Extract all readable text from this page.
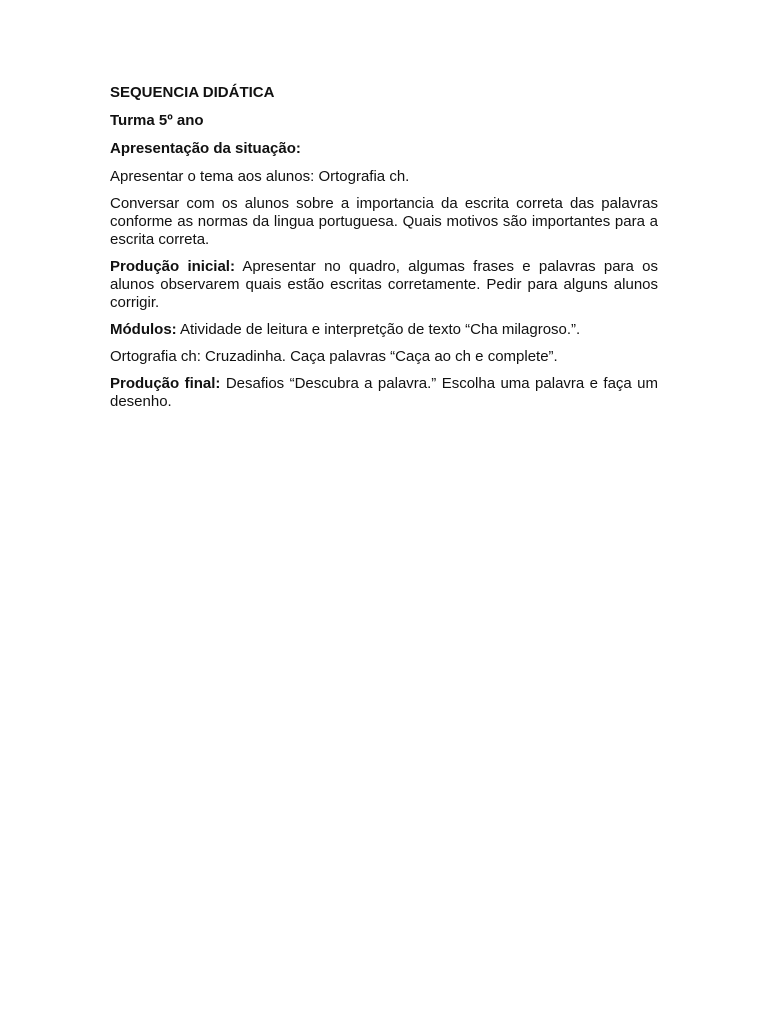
SEQUENCIA DIDÁTICA

Turma 5º ano

Apresentação da situação:

Apresentar o tema aos alunos: Ortografia ch.

Conversar com os alunos sobre a importancia da escrita correta das palavras conforme as normas da lingua portuguesa. Quais motivos são importantes para a escrita correta.

Produção inicial: Apresentar no quadro, algumas frases e palavras para os alunos observarem quais estão escritas corretamente. Pedir para alguns alunos corrigir.

Módulos: Atividade de leitura e interpretção de texto “Cha milagroso.”.

Ortografia ch: Cruzadinha. Caça palavras “Caça ao ch e complete”.

Produção final: Desafios “Descubra a palavra.” Escolha uma palavra e faça um desenho.
